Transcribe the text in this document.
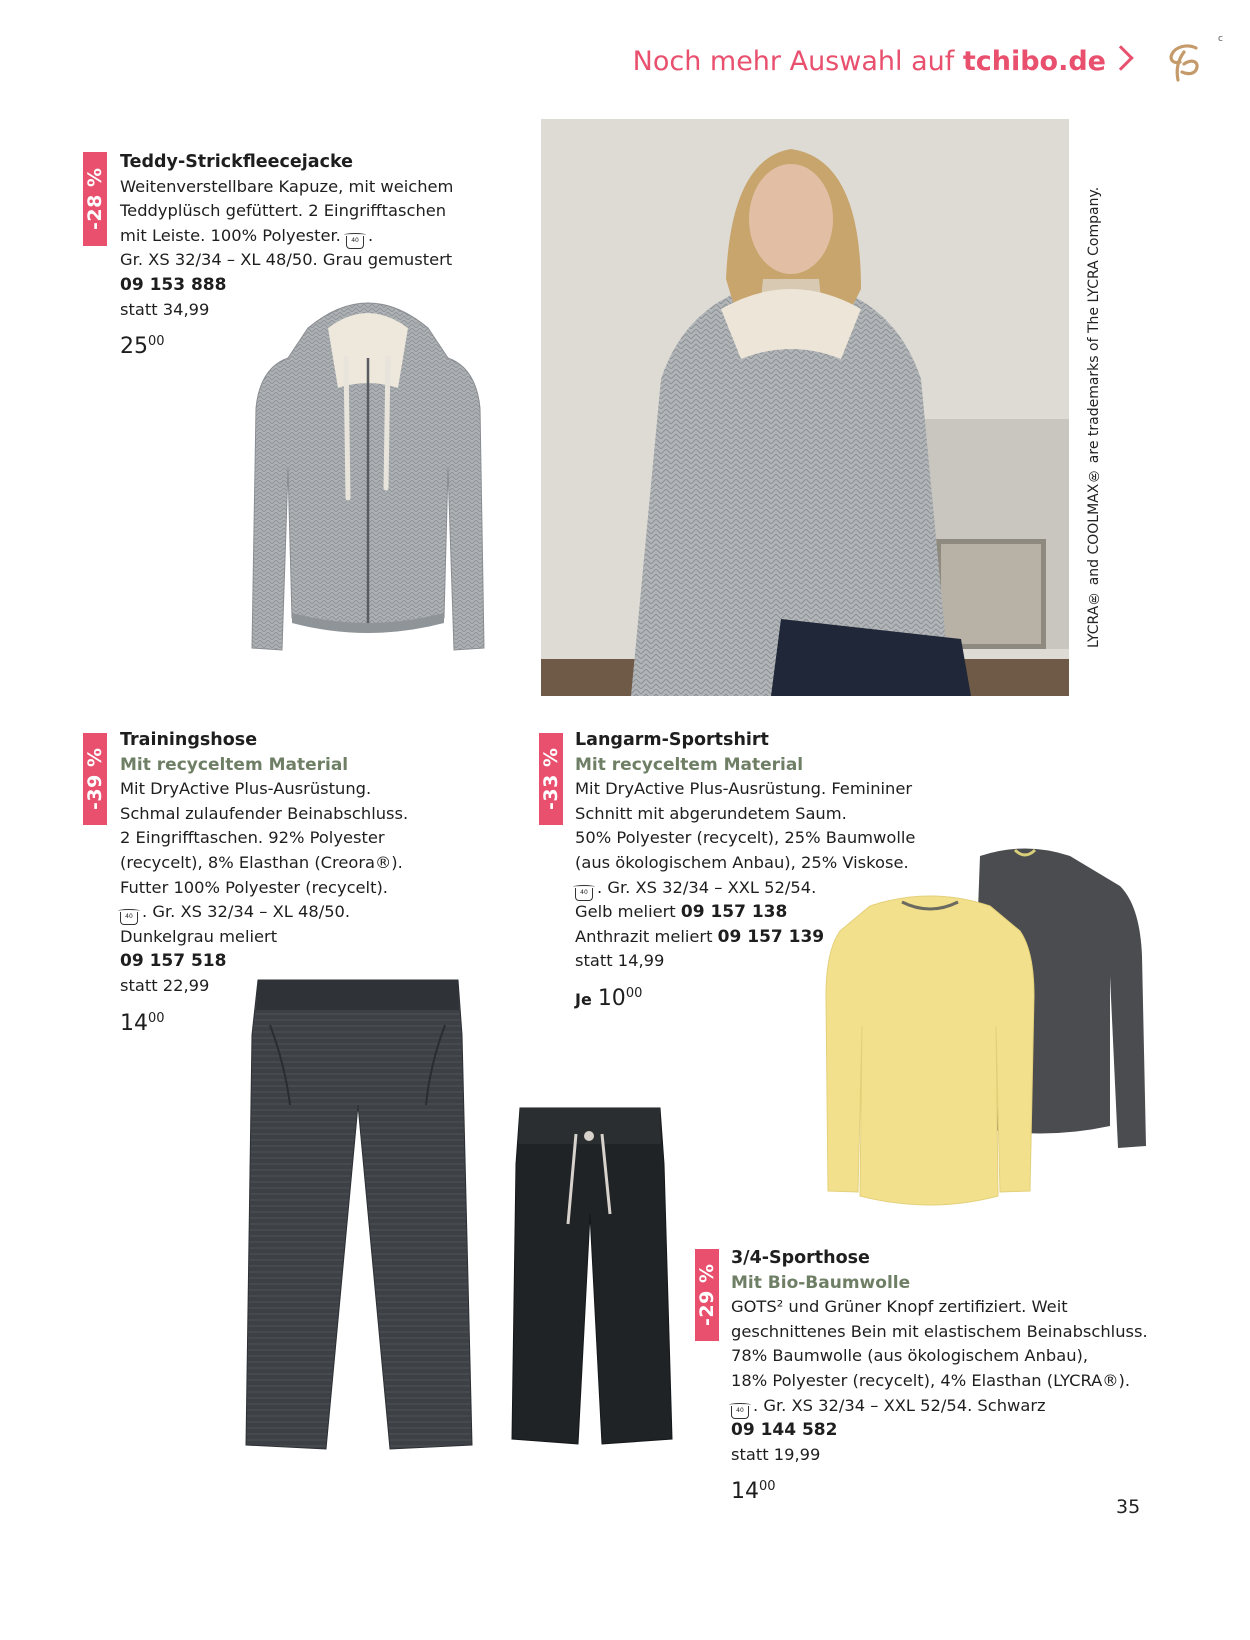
Noch mehr Auswahl auf tchibo.de
c
-28 %
Teddy-Strickfleecejacke
Weitenverstellbare Kapuze, mit weichem
Teddyplüsch gefüttert. 2 Eingrifftaschen
mit Leiste. 100% Polyester. 40 .
Gr. XS 32/34 – XL 48/50. Grau gemustert
09 153 888
statt 34,99
$25^{00}$	LYCRA® and COOLMAX® are trademarks of The LYCRA Company.
-39 %
Trainingshose
Mit recyceltem Material
Mit DryActive Plus-Ausrüstung.
Schmal zulaufender Beinabschluss.
2 Eingrifftaschen. 92% Polyester
(recycelt), 8% Elasthan (Creora®).
Futter 100% Polyester (recycelt).
40 . Gr. XS 32/34 – XL 48/50.
Dunkelgrau meliert
09 157 518
statt 22,99
$14^{00}$
-33 %
Langarm-Sportshirt
Mit recyceltem Material
Mit DryActive Plus-Ausrüstung. Femininer
Schnitt mit abgerundetem Saum.
50% Polyester (recycelt), 25% Baumwolle
(aus ökologischem Anbau), 25% Viskose.
40 . Gr. XS 32/34 – XXL 52/54.
Gelb meliert 09 157 138
Anthrazit meliert 09 157 139
statt 14,99
Je $10^{00}$
-29 %
3/4-Sporthose
Mit Bio-Baumwolle
GOTS² und Grüner Knopf zertifiziert. Weit
geschnittenes Bein mit elastischem Beinabschluss.
78% Baumwolle (aus ökologischem Anbau),
18% Polyester (recycelt), 4% Elasthan (LYCRA®).
40 . Gr. XS 32/34 – XXL 52/54. Schwarz
09 144 582
statt 19,99
$14^{00}$
35
